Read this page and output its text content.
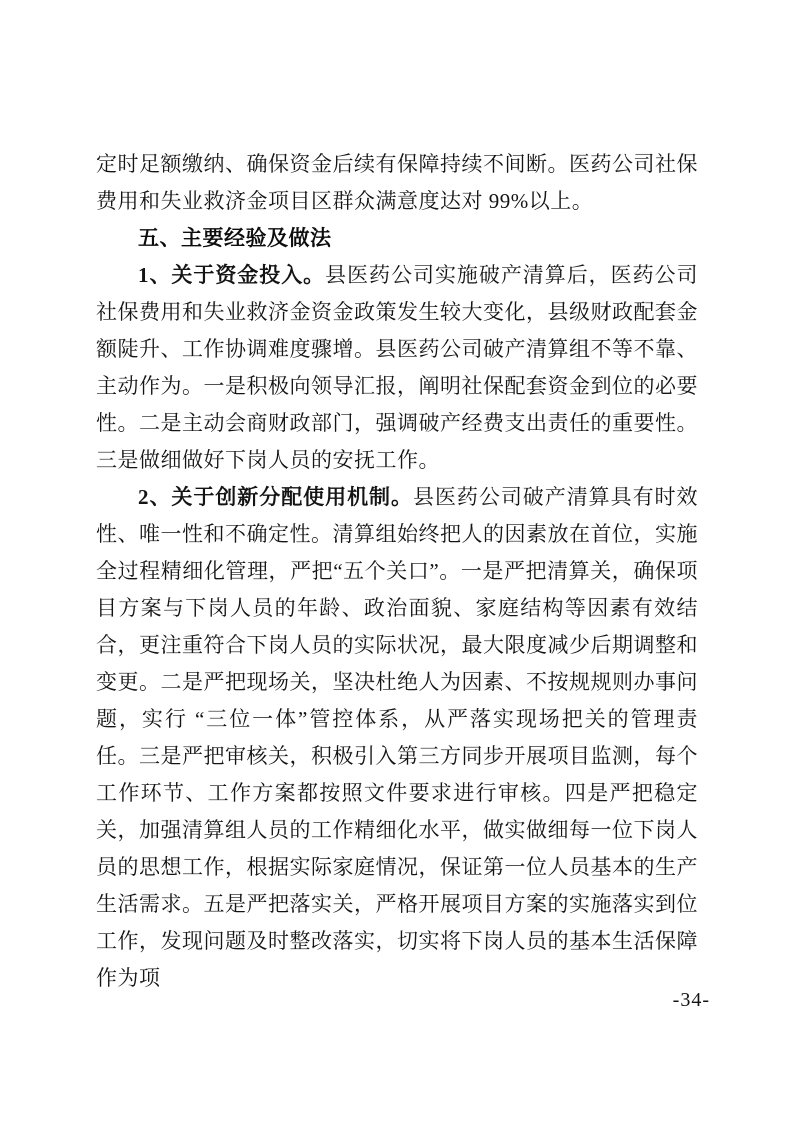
定时足额缴纳、确保资金后续有保障持续不间断。医药公司社保费用和失业救济金项目区群众满意度达对 99%以上。

五、主要经验及做法

1、关于资金投入。县医药公司实施破产清算后，医药公司社保费用和失业救济金资金政策发生较大变化，县级财政配套金额陡升、工作协调难度骤增。县医药公司破产清算组不等不靠、主动作为。一是积极向领导汇报，阐明社保配套资金到位的必要性。二是主动会商财政部门，强调破产经费支出责任的重要性。三是做细做好下岗人员的安抚工作。

2、关于创新分配使用机制。县医药公司破产清算具有时效性、唯一性和不确定性。清算组始终把人的因素放在首位，实施全过程精细化管理，严把“五个关口”。一是严把清算关，确保项目方案与下岗人员的年龄、政治面貌、家庭结构等因素有效结合，更注重符合下岗人员的实际状况，最大限度减少后期调整和变更。二是严把现场关，坚决杜绝人为因素、不按规规则办事问题，实行 “三位一体”管控体系，从严落实现场把关的管理责任。三是严把审核关，积极引入第三方同步开展项目监测，每个工作环节、工作方案都按照文件要求进行审核。四是严把稳定关，加强清算组人员的工作精细化水平，做实做细每一位下岗人员的思想工作，根据实际家庭情况，保证第一位人员基本的生产生活需求。五是严把落实关，严格开展项目方案的实施落实到位工作，发现问题及时整改落实，切实将下岗人员的基本生活保障作为项

-34-
